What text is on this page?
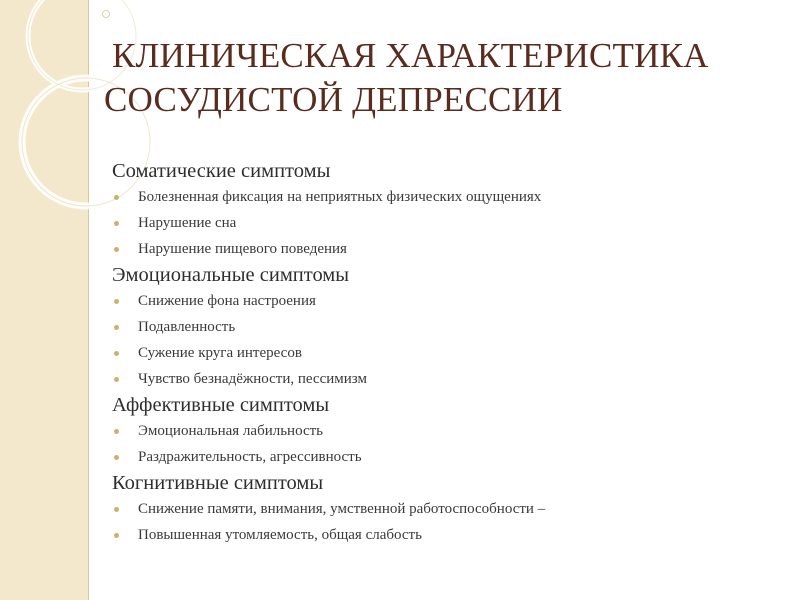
КЛИНИЧЕСКАЯ ХАРАКТЕРИСТИКА
СОСУДИСТОЙ ДЕПРЕССИИ
Соматические симптомы
Болезненная фиксация на неприятных физических ощущениях
Нарушение сна
Нарушение пищевого поведения
Эмоциональные симптомы
Снижение фона настроения
Подавленность
Сужение круга интересов
Чувство безнадёжности, пессимизм
Аффективные симптомы
Эмоциональная лабильность
Раздражительность, агрессивность
Когнитивные симптомы
Снижение памяти, внимания, умственной работоспособности –
Повышенная утомляемость, общая слабость
